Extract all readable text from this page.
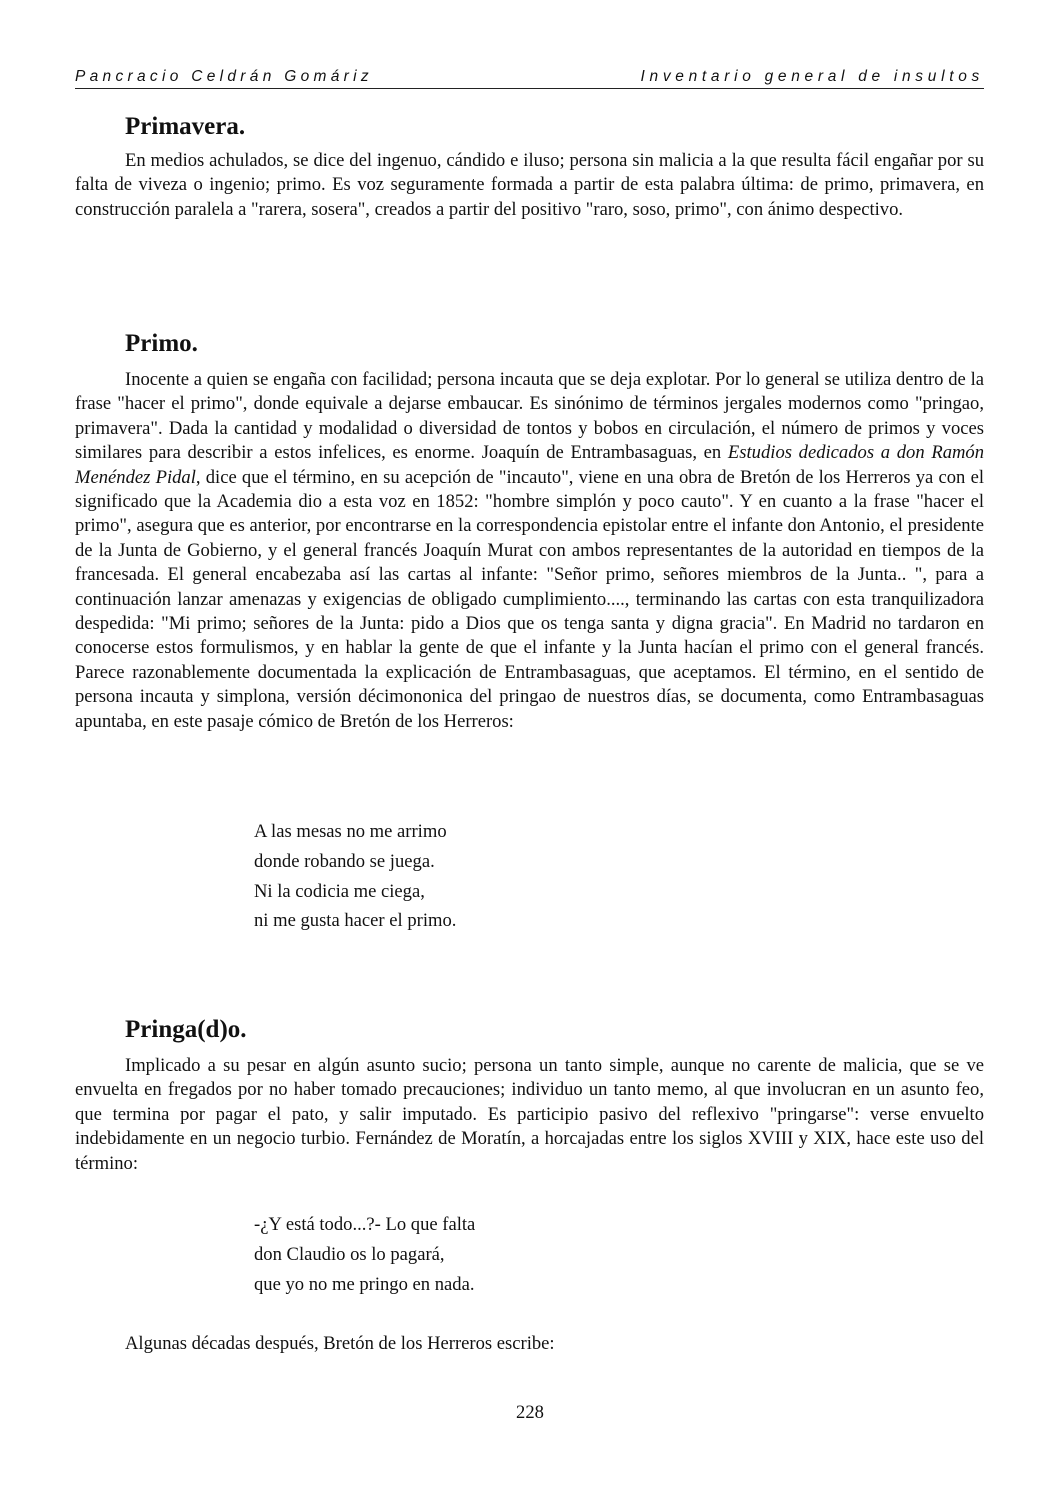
Pancracio Celdrán Gomáriz	Inventario general de insultos
Primavera.

En medios achulados, se dice del ingenuo, cándido e iluso; persona sin malicia a la que resulta fácil engañar por su falta de viveza o ingenio; primo. Es voz seguramente formada a partir de esta palabra última: de primo, primavera, en construcción paralela a "rarera, sosera", creados a partir del positivo "raro, soso, primo", con ánimo despectivo.

Primo.

Inocente a quien se engaña con facilidad; persona incauta que se deja explotar. Por lo general se utiliza dentro de la frase "hacer el primo", donde equivale a dejarse embaucar. Es sinónimo de términos jergales modernos como "pringao, primavera". Dada la cantidad y modalidad o diversidad de tontos y bobos en circulación, el número de primos y voces similares para describir a estos infelices, es enorme. Joaquín de Entrambasaguas, en Estudios dedicados a don Ramón Menéndez Pidal, dice que el término, en su acepción de "incauto", viene en una obra de Bretón de los Herreros ya con el significado que la Academia dio a esta voz en 1852: "hombre simplón y poco cauto". Y en cuanto a la frase "hacer el primo", asegura que es anterior, por encontrarse en la correspondencia epistolar entre el infante don Antonio, el presidente de la Junta de Gobierno, y el general francés Joaquín Murat con ambos representantes de la autoridad en tiempos de la francesada. El general encabezaba así las cartas al infante: "Señor primo, señores miembros de la Junta.. ", para a continuación lanzar amenazas y exigencias de obligado cumplimiento...., terminando las cartas con esta tranquilizadora despedida: "Mi primo; señores de la Junta: pido a Dios que os tenga santa y digna gracia". En Madrid no tardaron en conocerse estos formulismos, y en hablar la gente de que el infante y la Junta hacían el primo con el general francés. Parece razonablemente documentada la explicación de Entrambasaguas, que aceptamos. El término, en el sentido de persona incauta y simplona, versión décimononica del pringao de nuestros días, se documenta, como Entrambasaguas apuntaba, en este pasaje cómico de Bretón de los Herreros:

A las mesas no me arrimo
donde robando se juega.
Ni la codicia me ciega,
ni me gusta hacer el primo.
Pringa(d)o.

Implicado a su pesar en algún asunto sucio; persona un tanto simple, aunque no carente de malicia, que se ve envuelta en fregados por no haber tomado precauciones; individuo un tanto memo, al que involucran en un asunto feo, que termina por pagar el pato, y salir imputado. Es participio pasivo del reflexivo "pringarse": verse envuelto indebidamente en un negocio turbio. Fernández de Moratín, a horcajadas entre los siglos XVIII y XIX, hace este uso del término:

-¿Y está todo...?- Lo que falta
don Claudio os lo pagará,
que yo no me pringo en nada.
Algunas décadas después, Bretón de los Herreros escribe:
228
